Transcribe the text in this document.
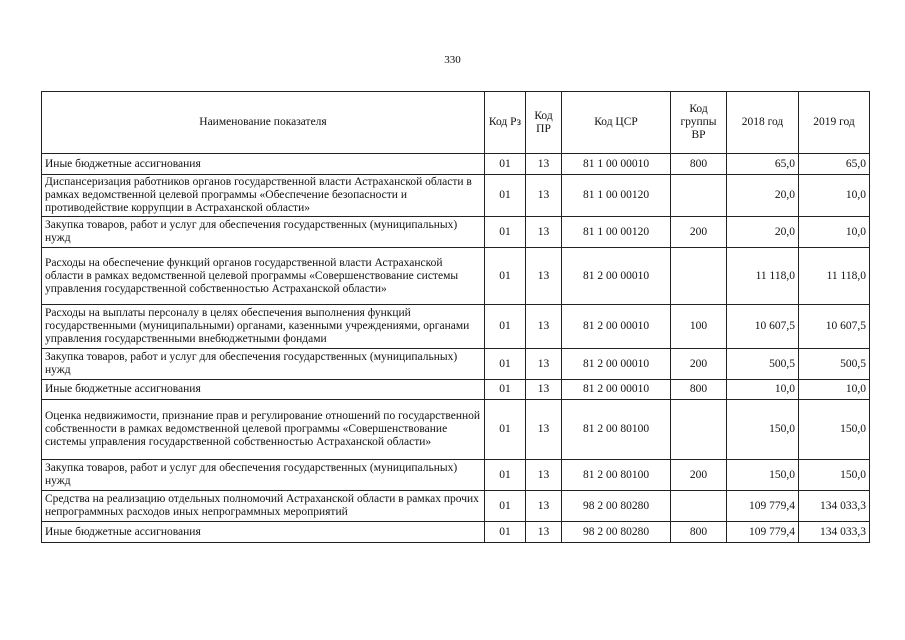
330
Наименование показателя	Код Рз	Код ПР	Код ЦСР	Код группы ВР	2018 год	2019 год
Иные бюджетные ассигнования	01	13	81 1 00 00010	800	65,0	65,0
Диспансеризация работников органов государственной власти Астраханской области в рамках ведомственной целевой программы «Обеспечение безопасности и противодействие коррупции в Астраханской области»	01	13	81 1 00 00120		20,0	10,0
Закупка товаров, работ и услуг для обеспечения государственных (муниципальных) нужд	01	13	81 1 00 00120	200	20,0	10,0
Расходы на обеспечение функций органов государственной власти Астраханской области в рамках ведомственной целевой программы «Совершенствование системы управления государственной собственностью Астраханской области»	01	13	81 2 00 00010		11 118,0	11 118,0
Расходы на выплаты персоналу в целях обеспечения выполнения функций государственными (муниципальными) органами, казенными учреждениями, органами управления государственными внебюджетными фондами	01	13	81 2 00 00010	100	10 607,5	10 607,5
Закупка товаров, работ и услуг для обеспечения государственных (муниципальных) нужд	01	13	81 2 00 00010	200	500,5	500,5
Иные бюджетные ассигнования	01	13	81 2 00 00010	800	10,0	10,0
Оценка недвижимости, признание прав и регулирование отношений по государственной собственности в рамках ведомственной целевой программы «Совершенствование системы управления государственной собственностью Астраханской области»	01	13	81 2 00 80100		150,0	150,0
Закупка товаров, работ и услуг для обеспечения государственных (муниципальных) нужд	01	13	81 2 00 80100	200	150,0	150,0
Средства на реализацию отдельных полномочий Астраханской области в рамках прочих непрограммных расходов иных непрограммных мероприятий	01	13	98 2 00 80280		109 779,4	134 033,3
Иные бюджетные ассигнования	01	13	98 2 00 80280	800	109 779,4	134 033,3
